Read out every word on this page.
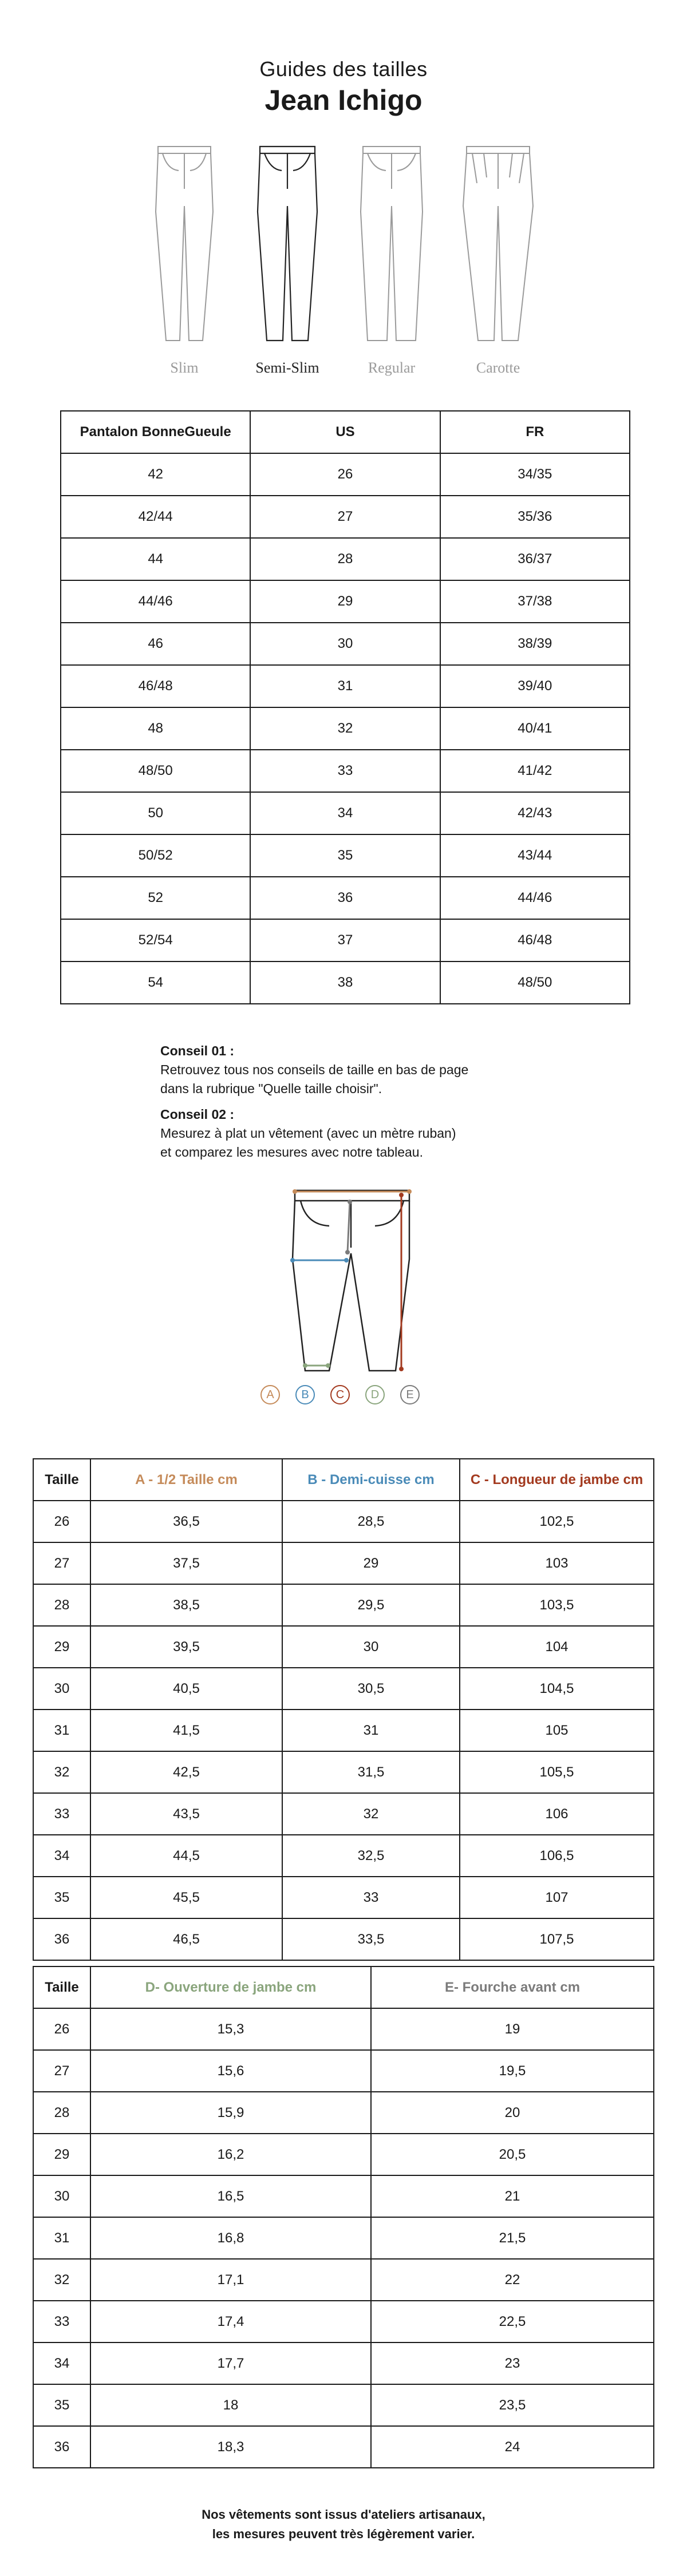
Guides des tailles
Jean Ichigo
Slim	Semi-Slim	Regular	Carotte
Pantalon BonneGueule	US	FR
42	26	34/35
42/44	27	35/36
44	28	36/37
44/46	29	37/38
46	30	38/39
46/48	31	39/40
48	32	40/41
48/50	33	41/42
50	34	42/43
50/52	35	43/44
52	36	44/46
52/54	37	46/48
54	38	48/50

Conseil 01 :

Retrouvez tous nos conseils de taille en bas de page

dans la rubrique "Quelle taille choisir".

Conseil 02 :

Mesurez à plat un vêtement (avec un mètre ruban)

et comparez les mesures avec notre tableau.

A	B	C	D	E
Taille	A - 1/2 Taille cm	B - Demi-cuisse cm	C - Longueur de jambe cm
26	36,5	28,5	102,5
27	37,5	29	103
28	38,5	29,5	103,5
29	39,5	30	104
30	40,5	30,5	104,5
31	41,5	31	105
32	42,5	31,5	105,5
33	43,5	32	106
34	44,5	32,5	106,5
35	45,5	33	107
36	46,5	33,5	107,5
Taille	D- Ouverture de jambe cm	E- Fourche avant cm
26	15,3	19
27	15,6	19,5
28	15,9	20
29	16,2	20,5
30	16,5	21
31	16,8	21,5
32	17,1	22
33	17,4	22,5
34	17,7	23
35	18	23,5
36	18,3	24
Nos vêtements sont issus d'ateliers artisanaux,
les mesures peuvent très légèrement varier.
